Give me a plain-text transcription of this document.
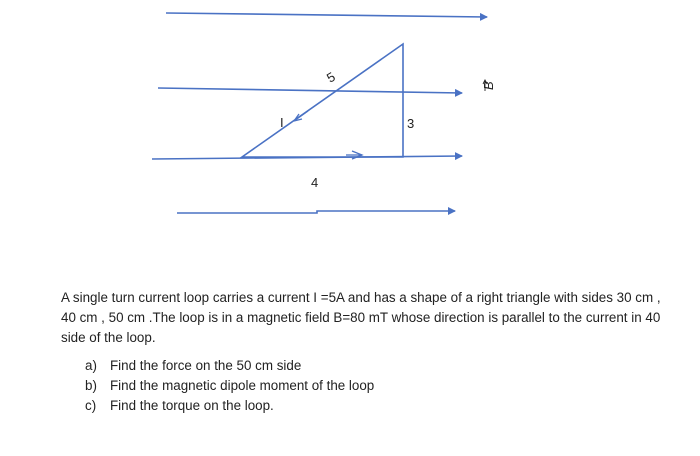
5
3
4
I
B

A single turn current loop carries a current I =5A and has a shape of a right triangle with sides 30 cm , 40 cm , 50 cm .The loop is in a magnetic field B=80 mT whose direction is parallel to the current in 40 side of the loop.

a) Find the force on the 50 cm side
b) Find the magnetic dipole moment of the loop
c) Find the torque on the loop.
